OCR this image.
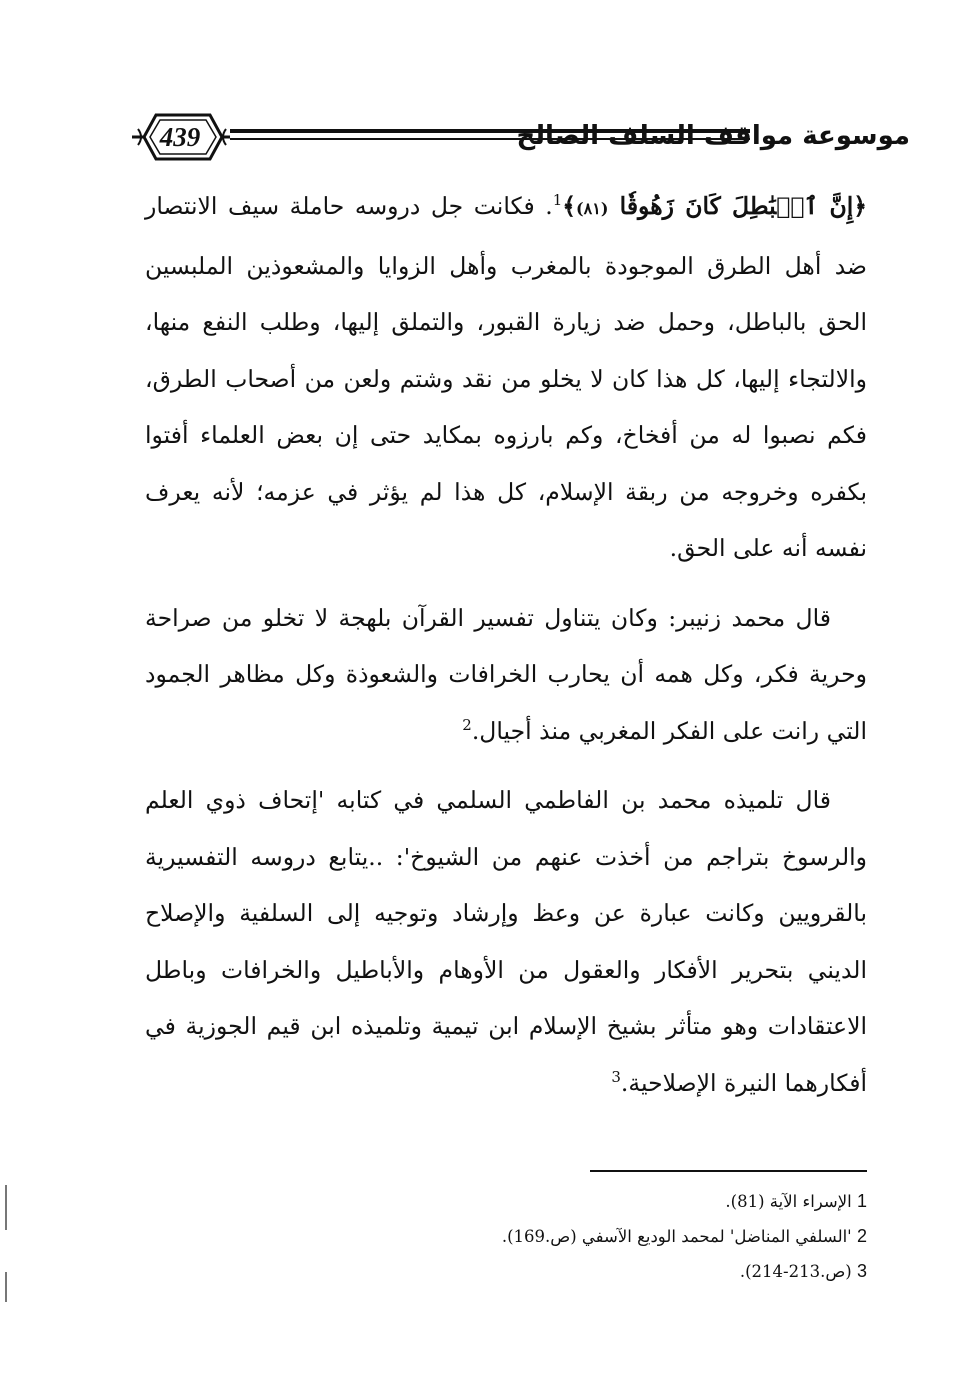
439	موسوعة مواقف السلف الصالح

﴿إِنَّ ٱلۡبَٰطِلَ كَانَ زَهُوقٗا (٨١)﴾$^1$. فكانت جل دروسه حاملة سيف الانتصار ضد أهل الطرق الموجودة بالمغرب وأهل الزوايا والمشعوذين الملبسين الحق بالباطل، وحمل ضد زيارة القبور، والتملق إليها، وطلب النفع منها، والالتجاء إليها، كل هذا كان لا يخلو من نقد وشتم ولعن من أصحاب الطرق، فكم نصبوا له من أفخاخ، وكم بارزوه بمكايد حتى إن بعض العلماء أفتوا بكفره وخروجه من ربقة الإسلام، كل هذا لم يؤثر في عزمه؛ لأنه يعرف نفسه أنه على الحق.

قال محمد زنيبر: وكان يتناول تفسير القرآن بلهجة لا تخلو من صراحة وحرية فكر، وكل همه أن يحارب الخرافات والشعوذة وكل مظاهر الجمود التي رانت على الفكر المغربي منذ أجيال.$^2$

قال تلميذه محمد بن الفاطمي السلمي في كتابه 'إتحاف ذوي العلم والرسوخ بتراجم من أخذت عنهم من الشيوخ': ..يتابع دروسه التفسيرية بالقرويين وكانت عبارة عن وعظ وإرشاد وتوجيه إلى السلفية والإصلاح الديني بتحرير الأفكار والعقول من الأوهام والأباطيل والخرافات وباطل الاعتقادات وهو متأثر بشيخ الإسلام ابن تيمية وتلميذه ابن قيم الجوزية في أفكارهما النيرة الإصلاحية.$^3$

1 الإسراء الآية (81).

2 'السلفي المناضل' لمحمد الوديع الآسفي (ص.169).

3 (ص.213-214).
